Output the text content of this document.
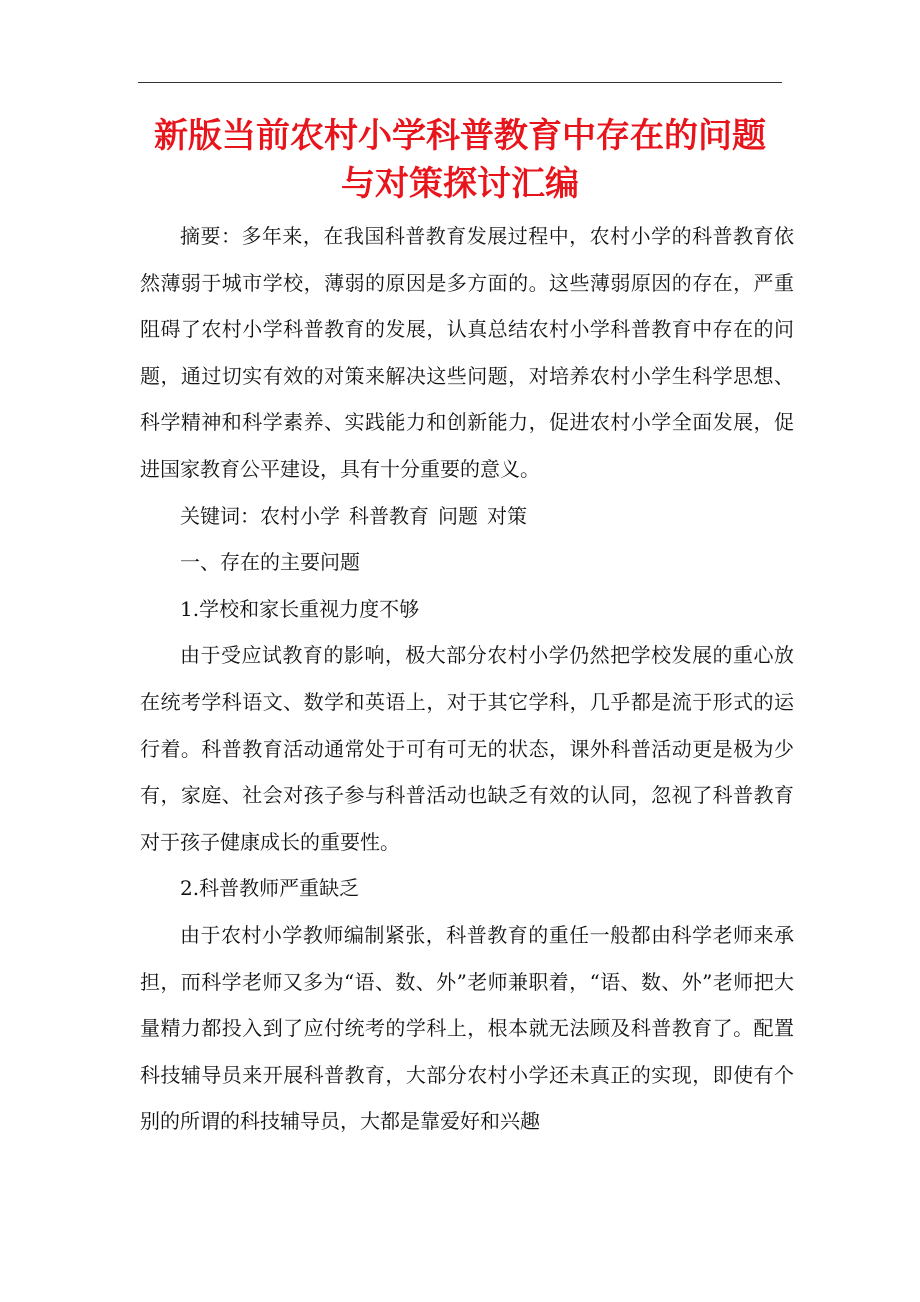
新版当前农村小学科普教育中存在的问题
与对策探讨汇编

摘要：多年来，在我国科普教育发展过程中，农村小学的科普教育依然薄弱于城市学校，薄弱的原因是多方面的。这些薄弱原因的存在，严重阻碍了农村小学科普教育的发展，认真总结农村小学科普教育中存在的问题，通过切实有效的对策来解决这些问题，对培养农村小学生科学思想、科学精神和科学素养、实践能力和创新能力，促进农村小学全面发展，促进国家教育公平建设，具有十分重要的意义。

关键词：农村小学 科普教育 问题 对策

一、存在的主要问题

1.学校和家长重视力度不够

由于受应试教育的影响，极大部分农村小学仍然把学校发展的重心放在统考学科语文、数学和英语上，对于其它学科，几乎都是流于形式的运行着。科普教育活动通常处于可有可无的状态，课外科普活动更是极为少有，家庭、社会对孩子参与科普活动也缺乏有效的认同，忽视了科普教育对于孩子健康成长的重要性。

2.科普教师严重缺乏

由于农村小学教师编制紧张，科普教育的重任一般都由科学老师来承担，而科学老师又多为“语、数、外”老师兼职着，“语、数、外”老师把大量精力都投入到了应付统考的学科上，根本就无法顾及科普教育了。配置科技辅导员来开展科普教育，大部分农村小学还未真正的实现，即使有个别的所谓的科技辅导员，大都是靠爱好和兴趣
